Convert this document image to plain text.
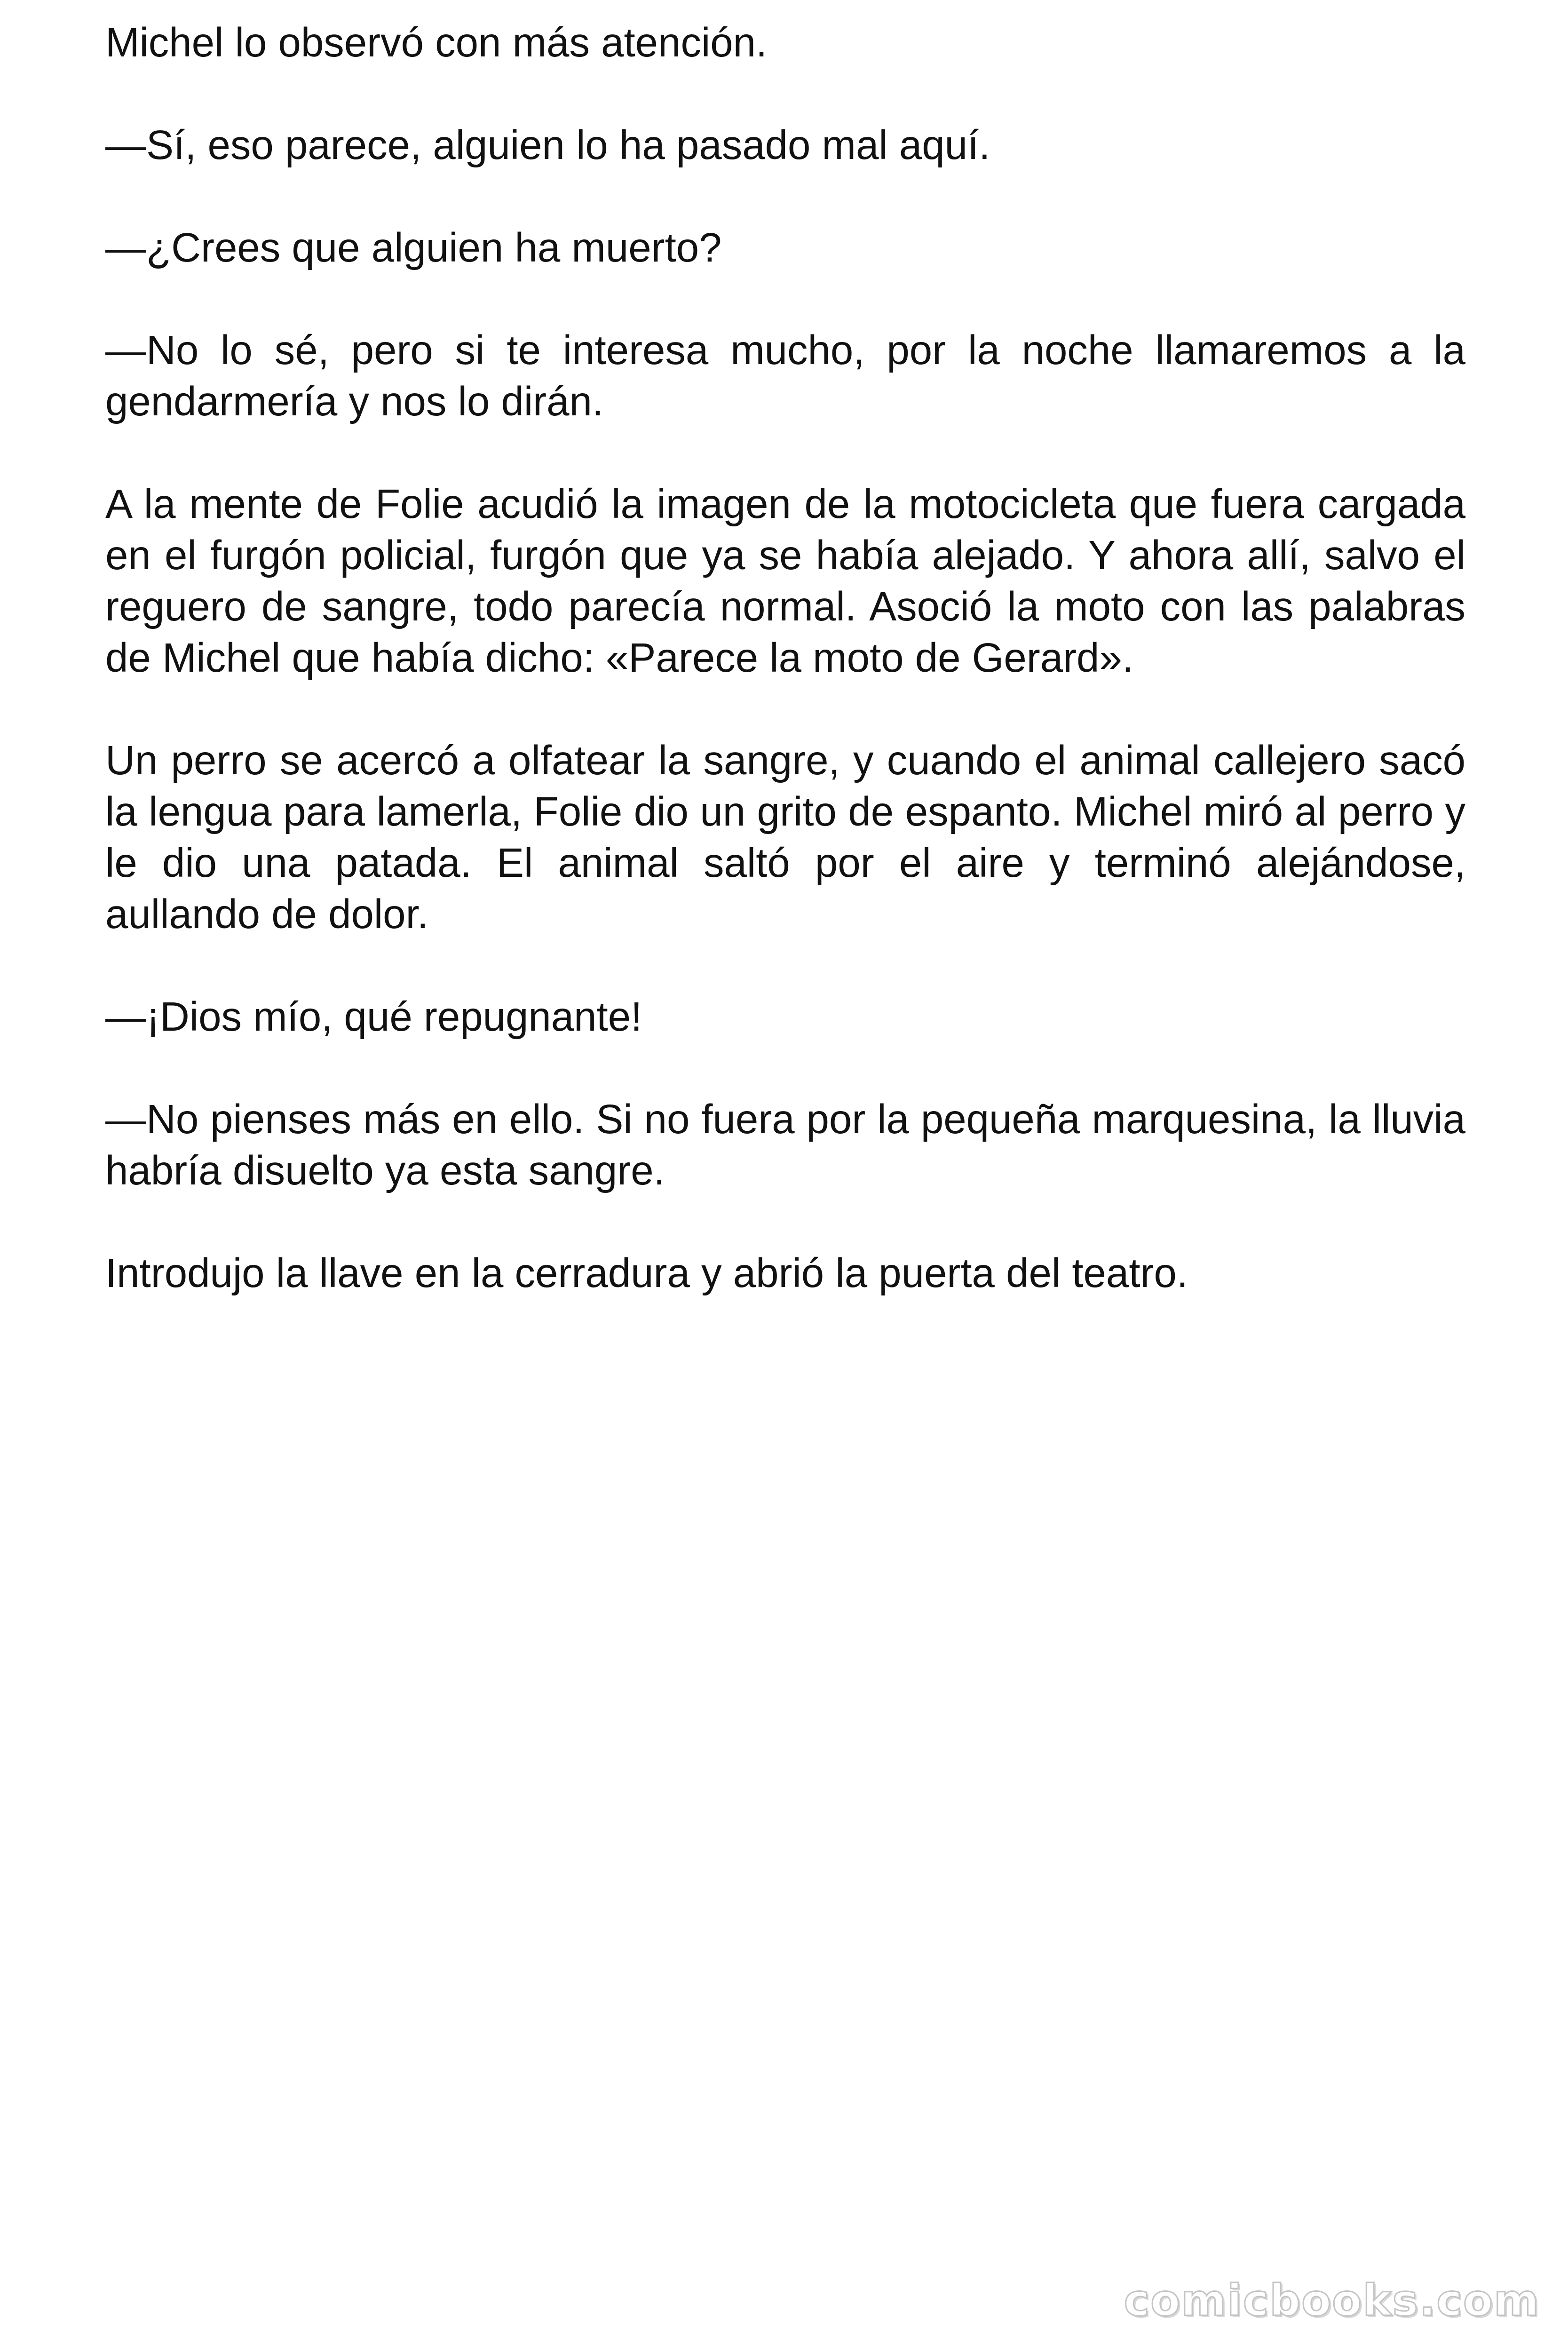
Michel lo observó con más atención.

—Sí, eso parece, alguien lo ha pasado mal aquí.

—¿Crees que alguien ha muerto?

—No lo sé, pero si te interesa mucho, por la noche llamaremos a la gendarmería y nos lo dirán.

A la mente de Folie acudió la imagen de la motocicleta que fuera cargada en el furgón policial, furgón que ya se había alejado. Y ahora allí, salvo el reguero de sangre, todo parecía normal. Asoció la moto con las palabras de Michel que había dicho: «Parece la moto de Gerard».

Un perro se acercó a olfatear la sangre, y cuando el animal callejero sacó la lengua para lamerla, Folie dio un grito de espanto. Michel miró al perro y le dio una patada. El animal saltó por el aire y terminó alejándose, aullando de dolor.

—¡Dios mío, qué repugnante!

—No pienses más en ello. Si no fuera por la pequeña marquesina, la lluvia habría disuelto ya esta sangre.

Introdujo la llave en la cerradura y abrió la puerta del teatro.

comicbooks.com
